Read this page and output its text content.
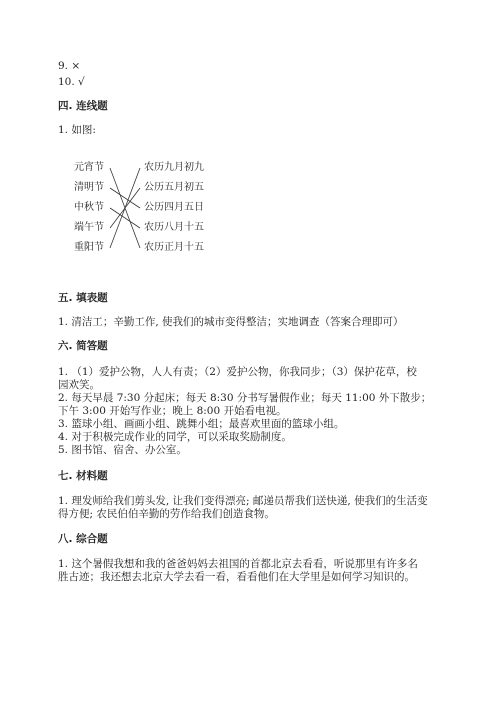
9. ×
10. √
四. 连线题
1. 如图:
元宵节
清明节
中秋节
端午节
重阳节
农历九月初九
公历五月初五
公历四月五日
农历八月十五
农历正月十五
五. 填表题
1. 清洁工；辛勤工作, 使我们的城市变得整洁；实地调查（答案合理即可）
六. 简答题
1. （1）爱护公物，人人有责；（2）爱护公物，你我同步；（3）保护花草，校
园欢笑。
2. 每天早晨 7:30 分起床；每天 8:30 分书写暑假作业；每天 11:00 外下散步；
下午 3:00 开始写作业；晚上 8:00 开始看电视。
3. 篮球小组、画画小组、跳舞小组；最喜欢里面的篮球小组。
4. 对于积极完成作业的同学，可以采取奖励制度。
5. 图书馆、宿舍、办公室。
七. 材料题
1. 理发师给我们剪头发, 让我们变得漂亮; 邮递员帮我们送快递, 使我们的生活变
得方便; 农民伯伯辛勤的劳作给我们创造食物。
八. 综合题
1. 这个暑假我想和我的爸爸妈妈去祖国的首都北京去看看，听说那里有许多名
胜古迹；我还想去北京大学去看一看，看看他们在大学里是如何学习知识的。
